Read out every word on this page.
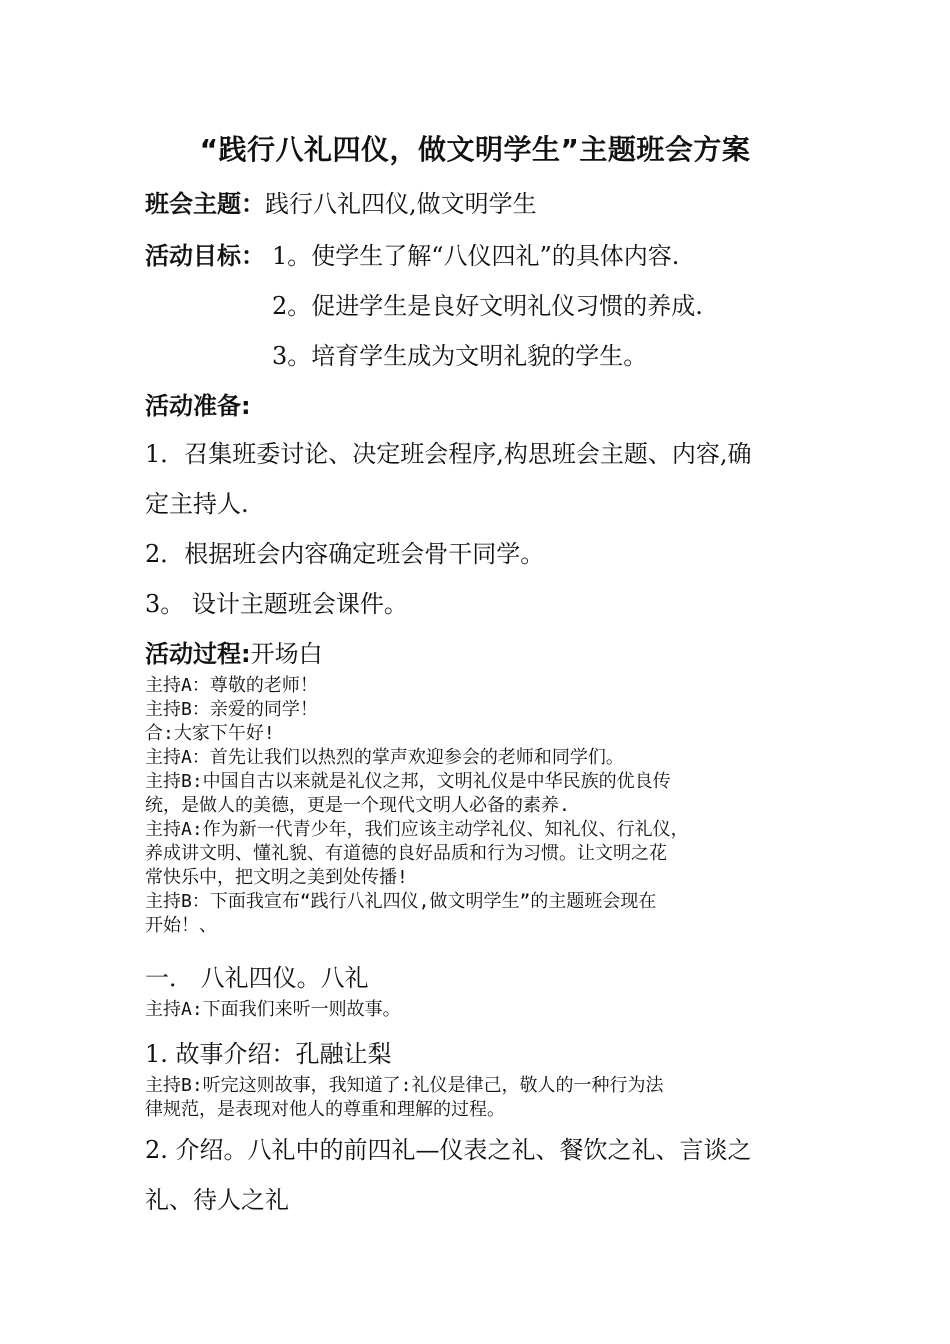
“践行八礼四仪，做文明学生”主题班会方案
班会主题：践行八礼四仪,做文明学生
活动目标： 1。使学生了解“八仪四礼”的具体内容.
2。促进学生是良好文明礼仪习惯的养成.
3。培育学生成为文明礼貌的学生。
活动准备:
1．召集班委讨论、决定班会程序,构思班会主题、内容,确
定主持人.
2．根据班会内容确定班会骨干同学。
3。 设计主题班会课件。
活动过程:开场白
主持A：尊敬的老师！
主持B：亲爱的同学！
合:大家下午好!
主持A：首先让我们以热烈的掌声欢迎参会的老师和同学们。
主持B:中国自古以来就是礼仪之邦，文明礼仪是中华民族的优良传
统，是做人的美德，更是一个现代文明人必备的素养.
主持A:作为新一代青少年，我们应该主动学礼仪、知礼仪、行礼仪，
养成讲文明、懂礼貌、有道德的良好品质和行为习惯。让文明之花
常快乐中，把文明之美到处传播!
主持B：下面我宣布“践行八礼四仪,做文明学生”的主题班会现在
开始！、
一． 八礼四仪。八礼
主持A:下面我们来听一则故事。
1. 故事介绍：孔融让梨
主持B:听完这则故事，我知道了:礼仪是律己，敬人的一种行为法
律规范，是表现对他人的尊重和理解的过程。
2. 介绍。八礼中的前四礼—仪表之礼、餐饮之礼、言谈之
礼、待人之礼
